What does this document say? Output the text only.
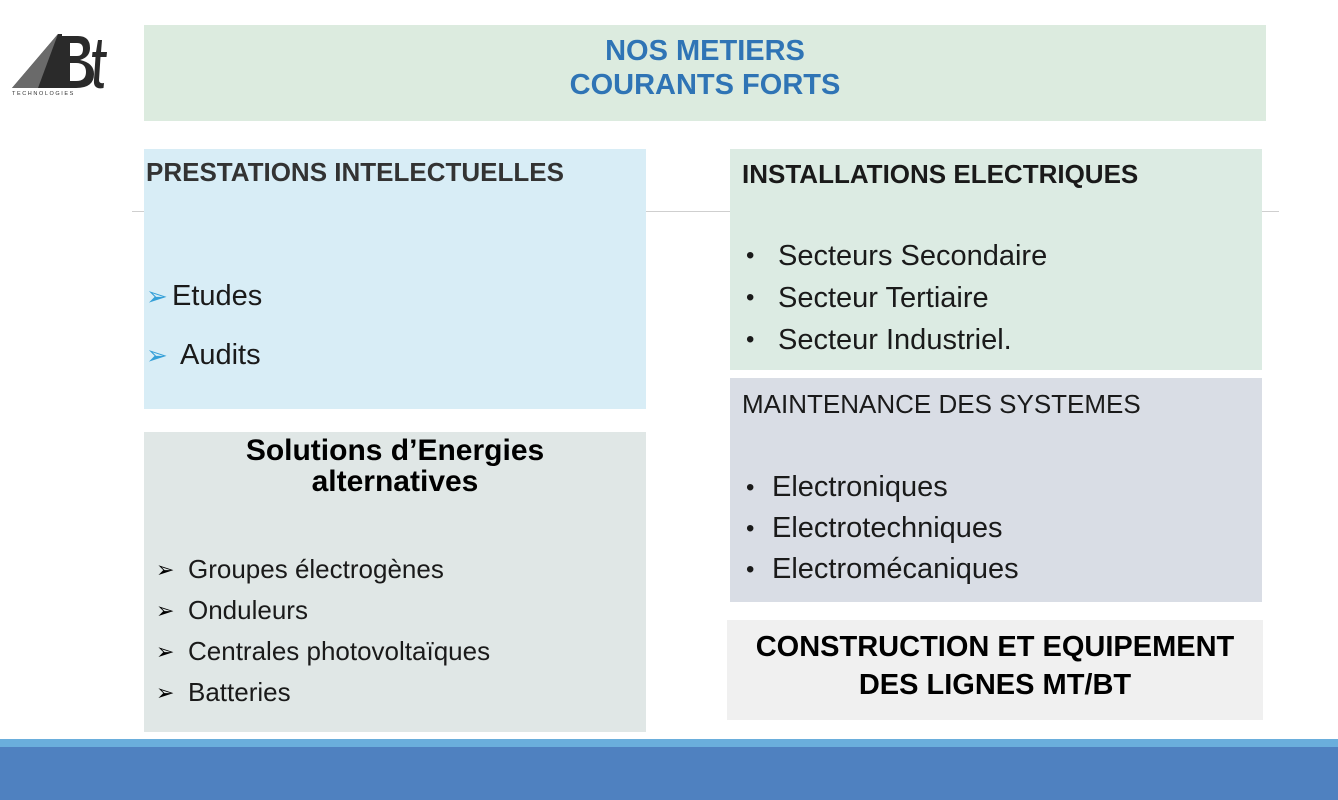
TECHNOLOGIES
NOS METIERS
COURANTS FORTS
PRESTATIONS INTELECTUELLES
➢ Etudes
➢ Audits
INSTALLATIONS ELECTRIQUES
• Secteurs Secondaire
• Secteur Tertiaire
• Secteur Industriel.
MAINTENANCE DES SYSTEMES
• Electroniques
• Electrotechniques
• Electromécaniques
Solutions d’Energies
alternatives
➢ Groupes électrogènes
➢ Onduleurs
➢ Centrales photovoltaïques
➢ Batteries
CONSTRUCTION ET EQUIPEMENT
DES LIGNES MT/BT
